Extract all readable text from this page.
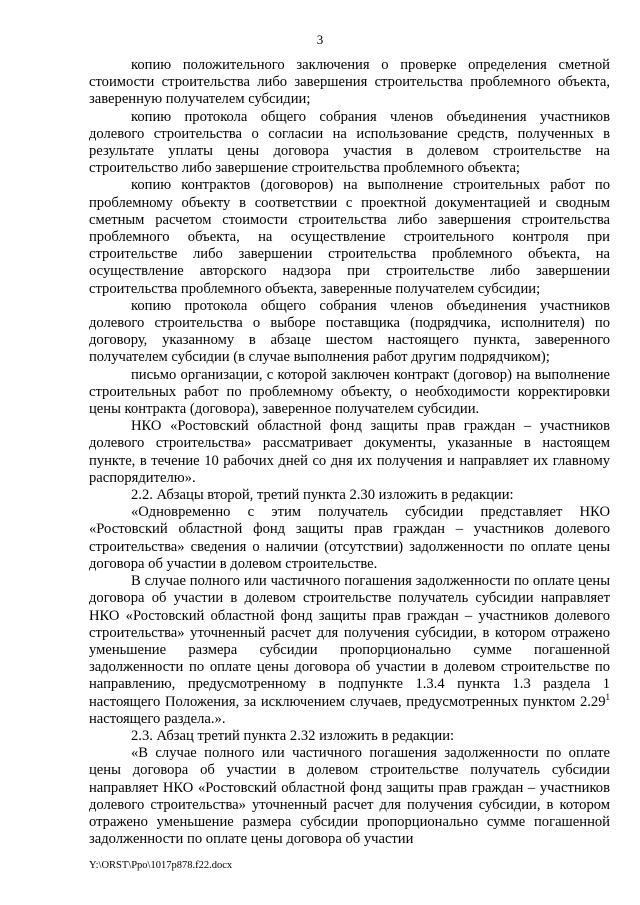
3

копию положительного заключения о проверке определения сметной стоимости строительства либо завершения строительства проблемного объекта, заверенную получателем субсидии;

копию протокола общего собрания членов объединения участников долевого строительства о согласии на использование средств, полученных в результате уплаты цены договора участия в долевом строительстве на строительство либо завершение строительства проблемного объекта;

копию контрактов (договоров) на выполнение строительных работ по проблемному объекту в соответствии с проектной документацией и сводным сметным расчетом стоимости строительства либо завершения строительства проблемного объекта, на осуществление строительного контроля при строительстве либо завершении строительства проблемного объекта, на осуществление авторского надзора при строительстве либо завершении строительства проблемного объекта, заверенные получателем субсидии;

копию протокола общего собрания членов объединения участников долевого строительства о выборе поставщика (подрядчика, исполнителя) по договору, указанному в абзаце шестом настоящего пункта, заверенного получателем субсидии (в случае выполнения работ другим подрядчиком);

письмо организации, с которой заключен контракт (договор) на выполнение строительных работ по проблемному объекту, о необходимости корректировки цены контракта (договора), заверенное получателем субсидии.

НКО «Ростовский областной фонд защиты прав граждан – участников долевого строительства» рассматривает документы, указанные в настоящем пункте, в течение 10 рабочих дней со дня их получения и направляет их главному распорядителю».

2.2. Абзацы второй, третий пункта 2.30 изложить в редакции:

«Одновременно с этим получатель субсидии представляет НКО «Ростовский областной фонд защиты прав граждан – участников долевого строительства» сведения о наличии (отсутствии) задолженности по оплате цены договора об участии в долевом строительстве.

В случае полного или частичного погашения задолженности по оплате цены договора об участии в долевом строительстве получатель субсидии направляет НКО «Ростовский областной фонд защиты прав граждан – участников долевого строительства» уточненный расчет для получения субсидии, в котором отражено уменьшение размера субсидии пропорционально сумме погашенной задолженности по оплате цены договора об участии в долевом строительстве по направлению, предусмотренному в подпункте 1.3.4 пункта 1.3 раздела 1 настоящего Положения, за исключением случаев, предусмотренных пунктом 2.29$^1$ настоящего раздела.».

2.3. Абзац третий пункта 2.32 изложить в редакции:

«В случае полного или частичного погашения задолженности по оплате цены договора об участии в долевом строительстве получатель субсидии направляет НКО «Ростовский областной фонд защиты прав граждан – участников долевого строительства» уточненный расчет для получения субсидии, в котором отражено уменьшение размера субсидии пропорционально сумме погашенной задолженности по оплате цены договора об участии

Y:\ORST\Ppo\1017p878.f22.docx
